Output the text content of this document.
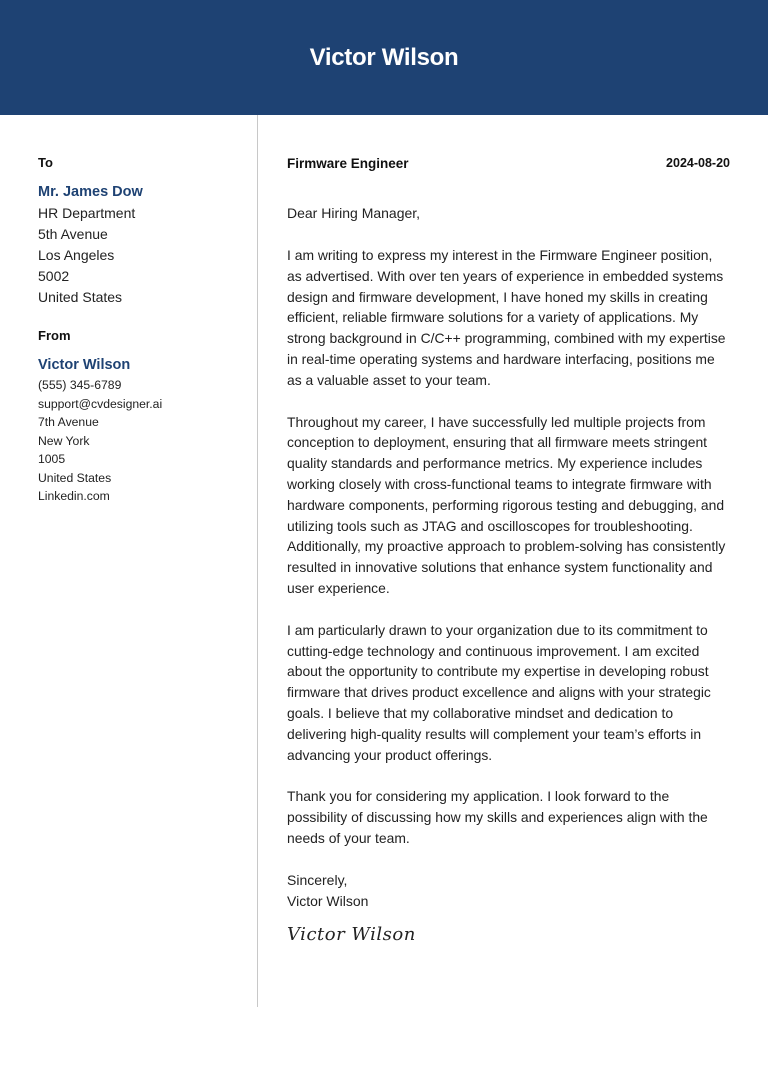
Victor Wilson
To
Mr. James Dow
HR Department
5th Avenue
Los Angeles
5002
United States
From
Victor Wilson
(555) 345-6789
support@cvdesigner.ai
7th Avenue
New York
1005
United States
Linkedin.com
Firmware Engineer	2024-08-20
Dear Hiring Manager,
I am writing to express my interest in the Firmware Engineer position, as advertised. With over ten years of experience in embedded systems design and firmware development, I have honed my skills in creating efficient, reliable firmware solutions for a variety of applications. My strong background in C/C++ programming, combined with my expertise in real-time operating systems and hardware interfacing, positions me as a valuable asset to your team.
Throughout my career, I have successfully led multiple projects from conception to deployment, ensuring that all firmware meets stringent quality standards and performance metrics. My experience includes working closely with cross-functional teams to integrate firmware with hardware components, performing rigorous testing and debugging, and utilizing tools such as JTAG and oscilloscopes for troubleshooting. Additionally, my proactive approach to problem-solving has consistently resulted in innovative solutions that enhance system functionality and user experience.
I am particularly drawn to your organization due to its commitment to cutting-edge technology and continuous improvement. I am excited about the opportunity to contribute my expertise in developing robust firmware that drives product excellence and aligns with your strategic goals. I believe that my collaborative mindset and dedication to delivering high-quality results will complement your team’s efforts in advancing your product offerings.
Thank you for considering my application. I look forward to the possibility of discussing how my skills and experiences align with the needs of your team.
Sincerely,
Victor Wilson
Victor Wilson
